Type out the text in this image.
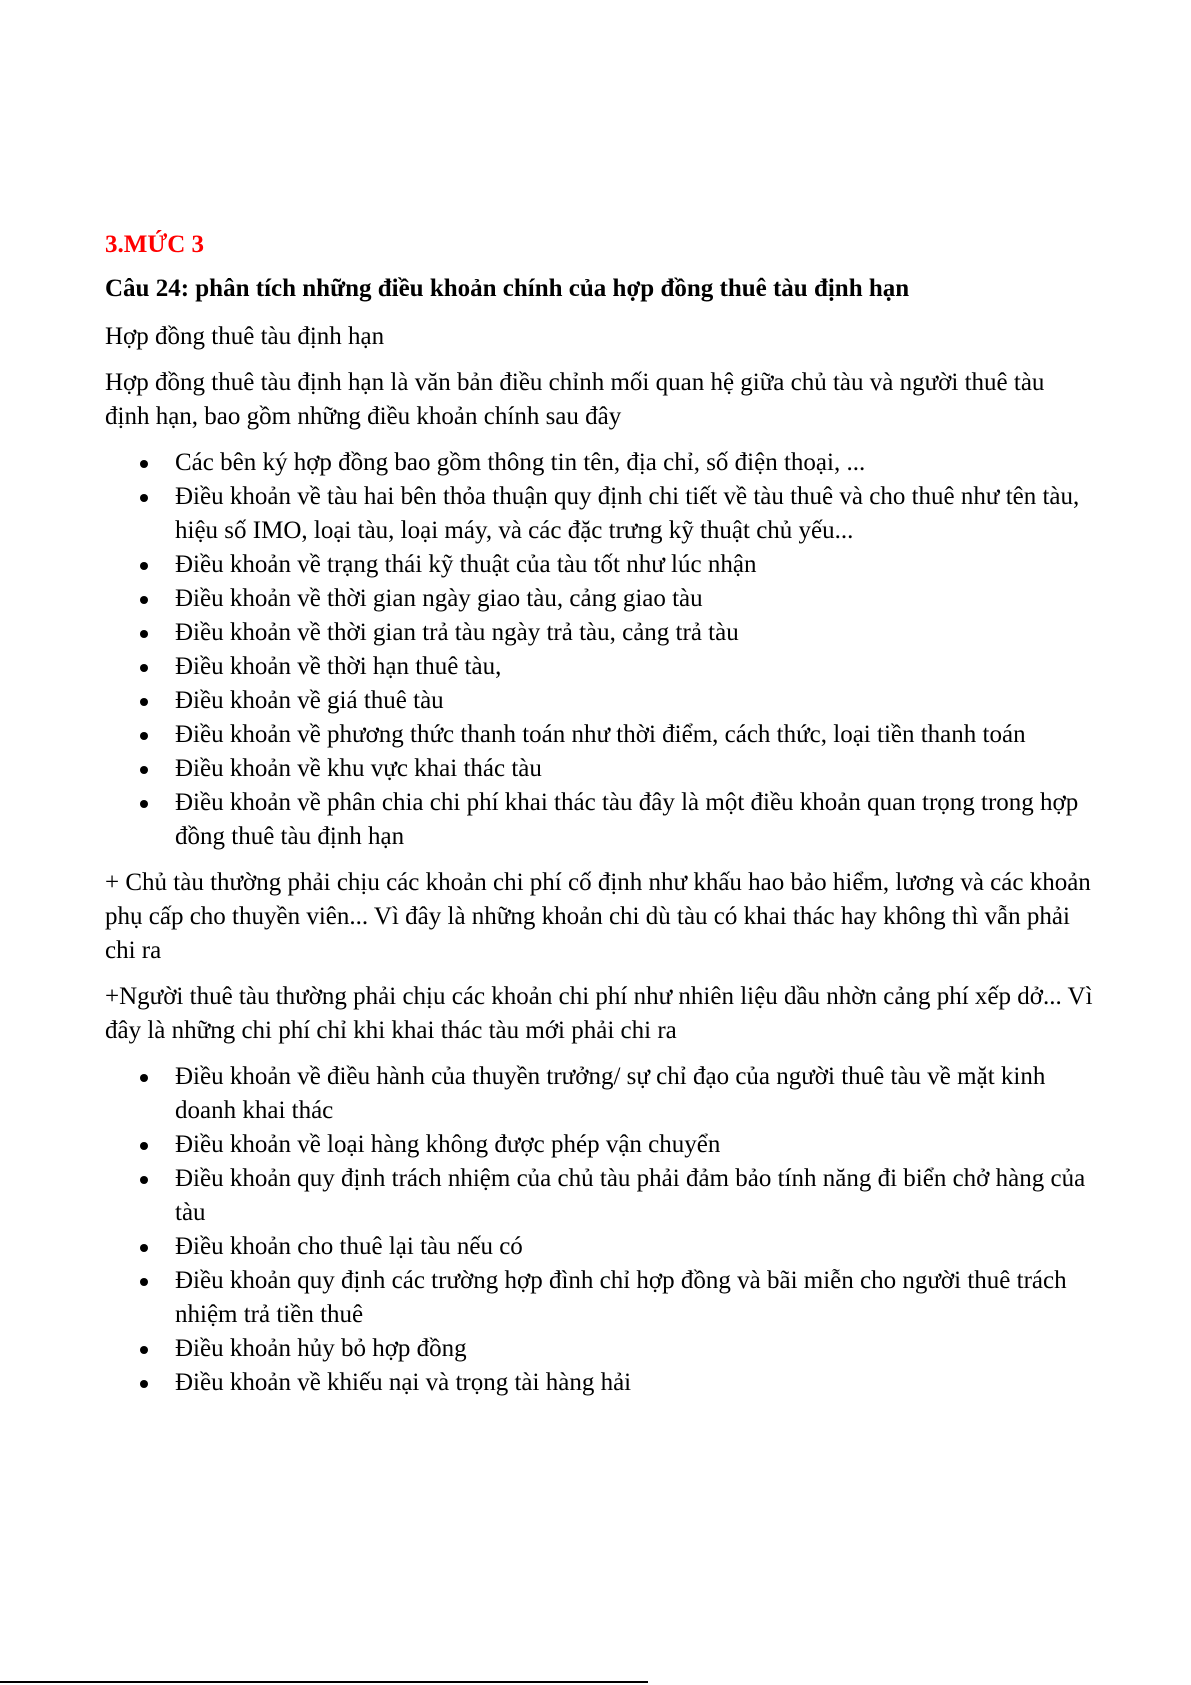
3.MỨC 3
Câu 24: phân tích những điều khoản chính của hợp đồng thuê tàu định hạn
Hợp đồng thuê tàu định hạn
Hợp đồng thuê tàu định hạn là văn bản điều chỉnh mối quan hệ giữa chủ tàu và người thuê tàu định hạn, bao gồm những điều khoản chính sau đây
Các bên ký hợp đồng bao gồm thông tin tên, địa chỉ, số điện thoại, ...
Điều khoản về tàu hai bên thỏa thuận quy định chi tiết về tàu thuê và cho thuê như tên tàu, hiệu số IMO, loại tàu, loại máy, và các đặc trưng kỹ thuật chủ yếu...
Điều khoản về trạng thái kỹ thuật của tàu tốt như lúc nhận
Điều khoản về thời gian ngày giao tàu, cảng giao tàu
Điều khoản về thời gian trả tàu ngày trả tàu, cảng trả tàu
Điều khoản về thời hạn thuê tàu,
Điều khoản về giá thuê tàu
Điều khoản về phương thức thanh toán như thời điểm, cách thức, loại tiền thanh toán
Điều khoản về khu vực khai thác tàu
Điều khoản về phân chia chi phí khai thác tàu đây là một điều khoản quan trọng trong hợp đồng thuê tàu định hạn
+ Chủ tàu thường phải chịu các khoản chi phí cố định như khấu hao bảo hiểm, lương và các khoản phụ cấp cho thuyền viên... Vì đây là những khoản chi dù tàu có khai thác hay không thì vẫn phải chi ra
+Người thuê tàu thường phải chịu các khoản chi phí như nhiên liệu dầu nhờn cảng phí xếp dở... Vì đây là những chi phí chỉ khi khai thác tàu mới phải chi ra
Điều khoản về điều hành của thuyền trưởng/ sự chỉ đạo của người thuê tàu về mặt kinh doanh khai thác
Điều khoản về loại hàng không được phép vận chuyển
Điều khoản quy định trách nhiệm của chủ tàu phải đảm bảo tính năng đi biển chở hàng của tàu
Điều khoản cho thuê lại tàu nếu có
Điều khoản quy định các trường hợp đình chỉ hợp đồng và bãi miễn cho người thuê trách nhiệm trả tiền thuê
Điều khoản hủy bỏ hợp đồng
Điều khoản về khiếu nại và trọng tài hàng hải
